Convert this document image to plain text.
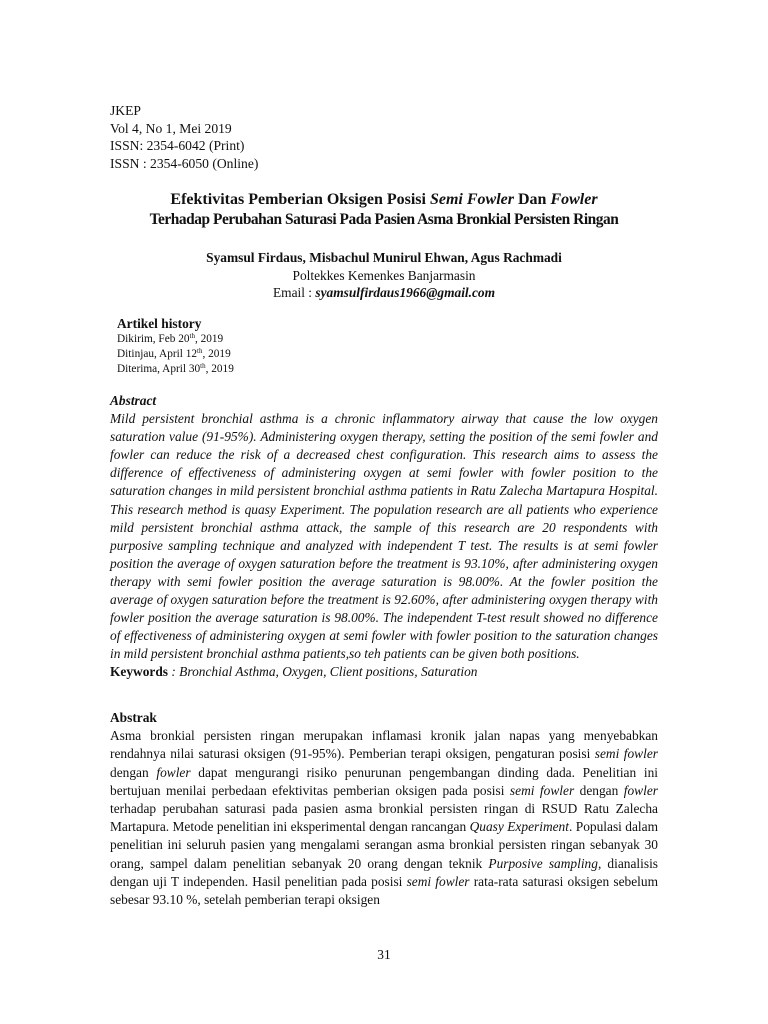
JKEP
Vol 4, No 1, Mei 2019
ISSN: 2354-6042 (Print)
ISSN : 2354-6050 (Online)
Efektivitas Pemberian Oksigen Posisi Semi Fowler Dan Fowler
Terhadap Perubahan Saturasi Pada Pasien Asma Bronkial Persisten Ringan
Syamsul Firdaus, Misbachul Munirul Ehwan, Agus Rachmadi
Poltekkes Kemenkes Banjarmasin
Email : syamsulfirdaus1966@gmail.com
Artikel history
Dikirim, Feb 20th, 2019
Ditinjau, April 12th, 2019
Diterima, April 30th, 2019
Abstract
Mild persistent bronchial asthma is a chronic inflammatory airway that cause the low oxygen saturation value (91-95%). Administering oxygen therapy, setting the position of the semi fowler and fowler can reduce the risk of a decreased chest configuration. This research aims to assess the difference of effectiveness of administering oxygen at semi fowler with fowler position to the saturation changes in mild persistent bronchial asthma patients in Ratu Zalecha Martapura Hospital. This research method is quasy Experiment. The population research are all patients who experience mild persistent bronchial asthma attack, the sample of this research are 20 respondents with purposive sampling technique and analyzed with independent T test. The results is at semi fowler position the average of oxygen saturation before the treatment is 93.10%, after administering oxygen therapy with semi fowler position the average saturation is 98.00%. At the fowler position the average of oxygen saturation before the treatment is 92.60%, after administering oxygen therapy with fowler position the average saturation is 98.00%. The independent T-test result showed no difference of effectiveness of administering oxygen at semi fowler with fowler position to the saturation changes in mild persistent bronchial asthma patients,so teh patients can be given both positions.
Keywords : Bronchial Asthma, Oxygen, Client positions, Saturation
Abstrak
Asma bronkial persisten ringan merupakan inflamasi kronik jalan napas yang menyebabkan rendahnya nilai saturasi oksigen (91-95%). Pemberian terapi oksigen, pengaturan posisi semi fowler dengan fowler dapat mengurangi risiko penurunan pengembangan dinding dada. Penelitian ini bertujuan menilai perbedaan efektivitas pemberian oksigen pada posisi semi fowler dengan fowler terhadap perubahan saturasi pada pasien asma bronkial persisten ringan di RSUD Ratu Zalecha Martapura. Metode penelitian ini eksperimental dengan rancangan Quasy Experiment. Populasi dalam penelitian ini seluruh pasien yang mengalami serangan asma bronkial persisten ringan sebanyak 30 orang, sampel dalam penelitian sebanyak 20 orang dengan teknik Purposive sampling, dianalisis dengan uji T independen. Hasil penelitian pada posisi semi fowler rata-rata saturasi oksigen sebelum sebesar 93.10 %, setelah pemberian terapi oksigen
31
